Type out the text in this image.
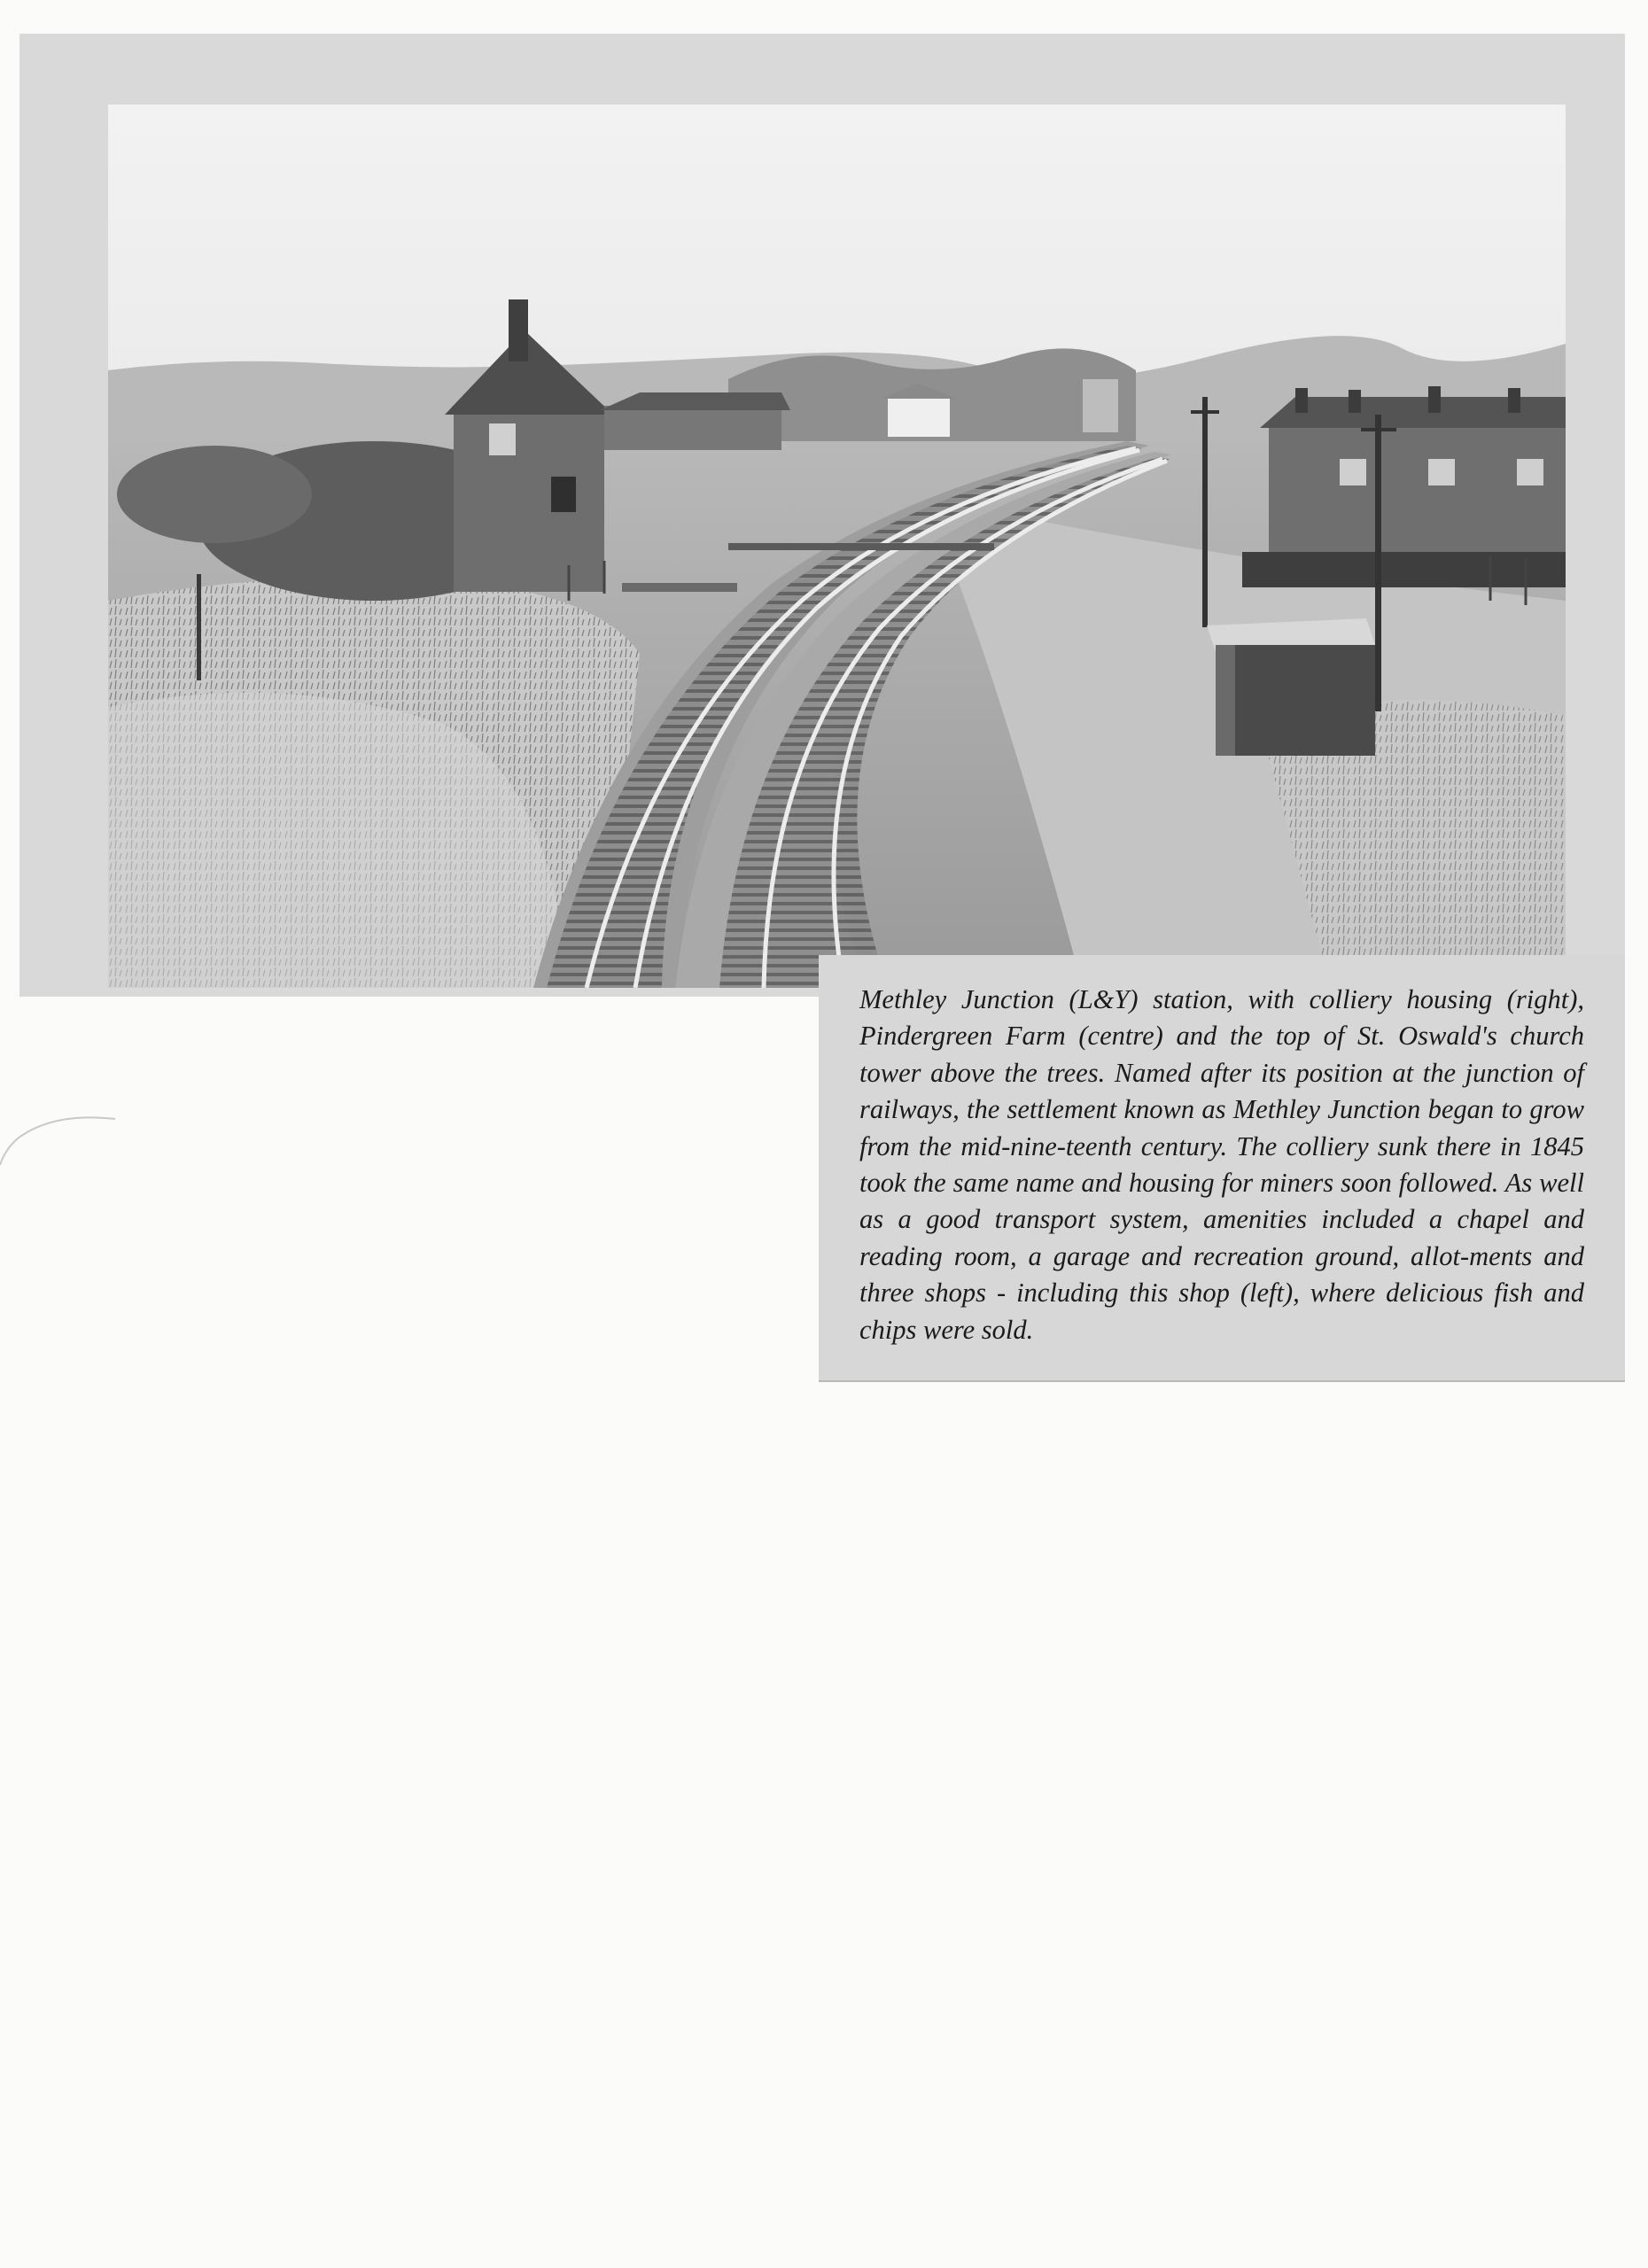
Methley Junction (L&Y) station, with colliery housing (right), Pindergreen Farm (centre) and the top of St. Oswald's church tower above the trees. Named after its position at the junction of railways, the settlement known as Methley Junction began to grow from the mid-nine-teenth century. The colliery sunk there in 1845 took the same name and housing for miners soon followed. As well as a good transport system, amenities included a chapel and reading room, a garage and recreation ground, allot-ments and three shops - including this shop (left), where delicious fish and chips were sold.
